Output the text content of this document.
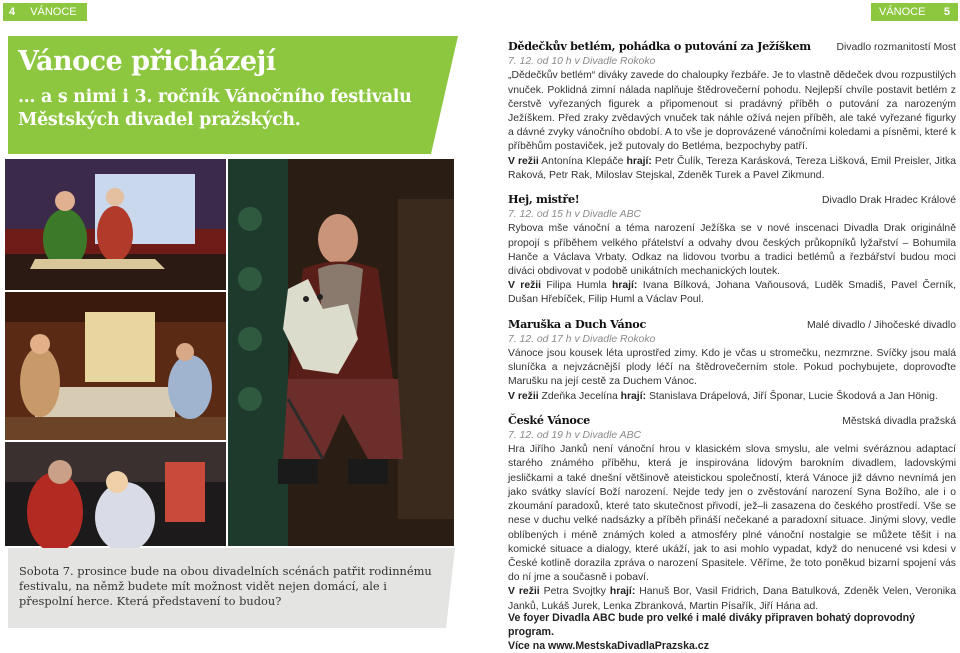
4 VÁNOCE	VÁNOCE 5
Vánoce přicházejí
… a s nimi i 3. ročník Vánočního festivalu Městských divadel pražských.

Sobota 7. prosince bude na obou divadelních scénách patřit rodinnému festivalu, na němž budete mít možnost vidět nejen domácí, ale i přespolní herce. Která představení to budou?

Dědečkův betlém, pohádka o putování za Ježíškem Divadlo rozmanitostí Most
7. 12. od 10 h v Divadle Rokoko

„Dědečkův betlém“ diváky zavede do chaloupky řezbáře. Je to vlastně dědeček dvou rozpustilých vnuček. Poklidná zimní nálada naplňuje štědrovečerní pohodu. Nejlepší chvíle postavit betlém z čerstvě vyřezaných figurek a připomenout si pradávný příběh o putování za narozeným Ježíškem. Před zraky zvědavých vnuček tak náhle ožívá nejen příběh, ale také vyřezané figurky a dávné zvyky vánočního období. A to vše je doprovázené vánočními koledami a písněmi, které k příběhům postaviček, jež putovaly do Betléma, bezpochyby patří.

V režii Antonína Klepáče hrají: Petr Čulík, Tereza Karásková, Tereza Lišková, Emil Preisler, Jitka Raková, Petr Rak, Miloslav Stejskal, Zdeněk Turek a Pavel Zikmund.

Hej, mistře!	Divadlo Drak Hradec Králové
7. 12. od 15 h v Divadle ABC

Rybova mše vánoční a téma narození Ježíška se v nové inscenaci Divadla Drak originálně propojí s příběhem velkého přátelství a odvahy dvou českých průkopníků lyžařství – Bohumila Hanče a Václava Vrbaty. Odkaz na lidovou tvorbu a tradici betlémů a řezbářství budou moci diváci obdivovat v podobě unikátních mechanických loutek.

V režii Filipa Humla hrají: Ivana Bílková, Johana Vaňousová, Luděk Smadiš, Pavel Černík, Dušan Hřebíček, Filip Huml a Václav Poul.

Maruška a Duch Vánoc	Malé divadlo / Jihočeské divadlo
7. 12. od 17 h v Divadle Rokoko

Vánoce jsou kousek léta uprostřed zimy. Kdo je včas u stromečku, nezmrzne. Svíčky jsou malá sluníčka a nejvzácnější plody léčí na štědrovečerním stole. Pokud pochybujete, doprovoďte Marušku na její cestě za Duchem Vánoc.

V režii Zdeňka Jecelína hrají: Stanislava Drápelová, Jiří Šponar, Lucie Škodová a Jan Hönig.

České Vánoce	Městská divadla pražská
7. 12. od 19 h v Divadle ABC

Hra Jiřího Janků není vánoční hrou v klasickém slova smyslu, ale velmi svéráznou adaptací starého známého příběhu, která je inspirována lidovým barokním divadlem, ladovskými jesličkami a také dnešní většinově ateistickou společností, která Vánoce již dávno nevnímá jen jako svátky slavící Boží narození. Nejde tedy jen o zvěstování narození Syna Božího, ale i o zkoumání paradoxů, které tato skutečnost přivodí, jež–li zasazena do českého prostředí. Vše se nese v duchu velké nadsázky a příběh přináší nečekané a paradoxní situace. Jinými slovy, vedle oblíbených i méně známých koled a atmosféry plné vánoční nostalgie se můžete těšit i na komické situace a dialogy, které ukáží, jak to asi mohlo vypadat, když do nenucené vsi kdesi v České kotlině dorazila zpráva o narození Spasitele. Věříme, že toto ponĕkud bizarní spojení vás do ní jme a současně i pobaví.

V režii Petra Svojtky hrají: Hanuš Bor, Vasil Fridrich, Dana Batulková, Zdeněk Velen, Veronika Janků, Lukáš Jurek, Lenka Zbranková, Martin Písařík, Jiří Hána ad.

Ve foyer Divadla ABC bude pro velké i malé diváky připraven bohatý doprovodný program.
Více na www.MestskaDivadlaPrazska.cz
